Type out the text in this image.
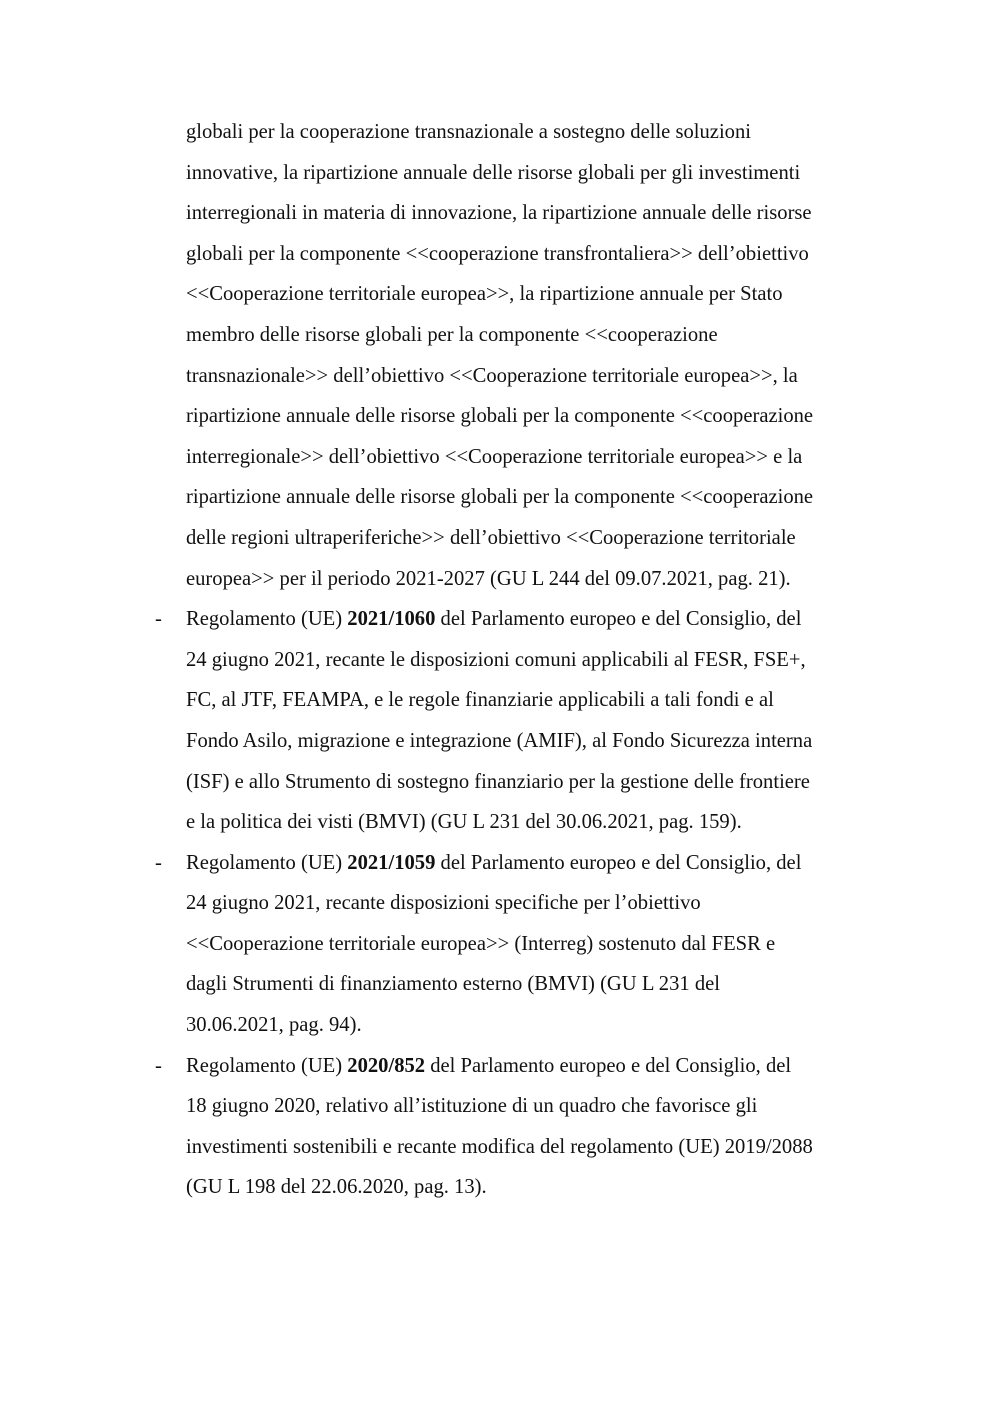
globali per la cooperazione transnazionale a sostegno delle soluzioni
innovative, la ripartizione annuale delle risorse globali per gli investimenti
interregionali in materia di innovazione, la ripartizione annuale delle risorse
globali per la componente <<cooperazione transfrontaliera>> dell’obiettivo
<<Cooperazione territoriale europea>>, la ripartizione annuale per Stato
membro delle risorse globali per la componente <<cooperazione
transnazionale>> dell’obiettivo <<Cooperazione territoriale europea>>, la
ripartizione annuale delle risorse globali per la componente <<cooperazione
interregionale>> dell’obiettivo <<Cooperazione territoriale europea>> e la
ripartizione annuale delle risorse globali per la componente <<cooperazione
delle regioni ultraperiferiche>> dell’obiettivo <<Cooperazione territoriale
europea>> per il periodo 2021-2027 (GU L 244 del 09.07.2021, pag. 21).
- Regolamento (UE) 2021/1060 del Parlamento europeo e del Consiglio, del
24 giugno 2021, recante le disposizioni comuni applicabili al FESR, FSE+,
FC, al JTF, FEAMPA, e le regole finanziarie applicabili a tali fondi e al
Fondo Asilo, migrazione e integrazione (AMIF), al Fondo Sicurezza interna
(ISF) e allo Strumento di sostegno finanziario per la gestione delle frontiere
e la politica dei visti (BMVI) (GU L 231 del 30.06.2021, pag. 159).
- Regolamento (UE) 2021/1059 del Parlamento europeo e del Consiglio, del
24 giugno 2021, recante disposizioni specifiche per l’obiettivo
<<Cooperazione territoriale europea>> (Interreg) sostenuto dal FESR e
dagli Strumenti di finanziamento esterno (BMVI) (GU L 231 del
30.06.2021, pag. 94).
- Regolamento (UE) 2020/852 del Parlamento europeo e del Consiglio, del
18 giugno 2020, relativo all’istituzione di un quadro che favorisce gli
investimenti sostenibili e recante modifica del regolamento (UE) 2019/2088
(GU L 198 del 22.06.2020, pag. 13).
